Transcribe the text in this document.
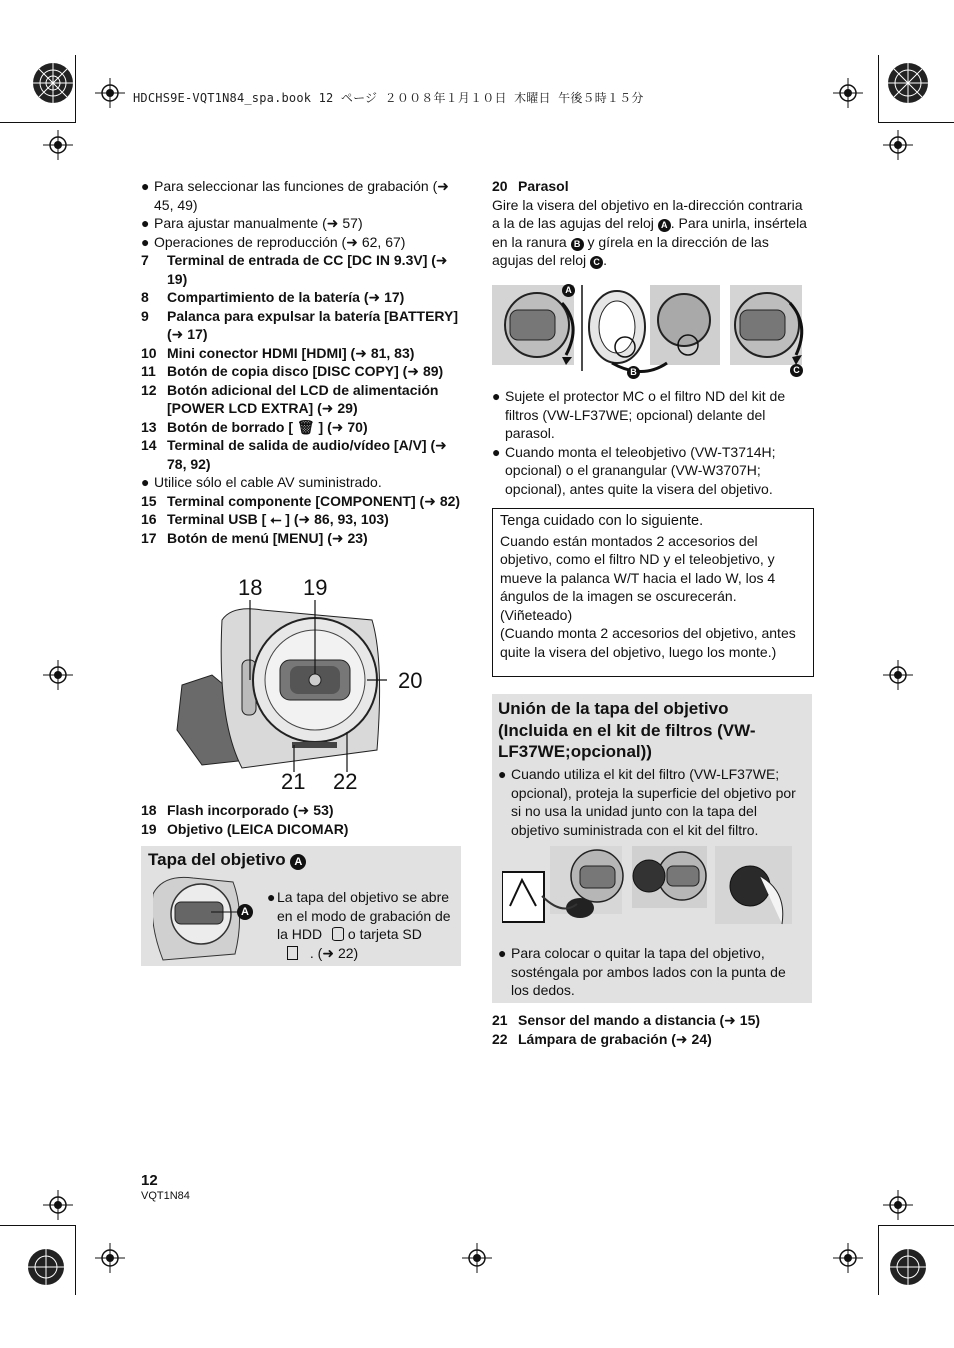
HDCHS9E-VQT1N84_spa.book 12 ページ ２００８年１月１０日 木曜日 午後５時１５分
● Para seleccionar las funciones de grabación (➜ 45, 49)
● Para ajustar manualmente (➜ 57)
● Operaciones de reproducción (➜ 62, 67)
7	Terminal de entrada de CC [DC IN 9.3V] (➜ 19)
8	Compartimiento de la batería (➜ 17)
9	Palanca para expulsar la batería [BATTERY] (➜ 17)
10 Mini conector HDMI [HDMI] (➜ 81, 83)
11 Botón de copia disco [DISC COPY] (➜ 89)
12 Botón adicional del LCD de alimentación [POWER LCD EXTRA] (➜ 29)
13 Botón de borrado [ 🗑 ] (➜ 70)
14 Terminal de salida de audio/vídeo [A/V] (➜ 78, 92)
● Utilice sólo el cable AV suministrado.
15 Terminal componente [COMPONENT] (➜ 82)
16 Terminal USB [ ⭠ ] (➜ 86, 93, 103)
17 Botón de menú [MENU] (➜ 23)
18 19
20
21 22
18 Flash incorporado (➜ 53)
19 Objetivo (LEICA DICOMAR)
Tapa del objetivo A
A
● La tapa del objetivo se abre en el modo de grabación de la HDD o tarjeta SD  . (➜ 22)
20 Parasol
Gire la visera del objetivo en la-dirección contraria a la de las agujas del reloj A . Para unirla, insértela en la ranura B y gírela en la dirección de las agujas del reloj C .
A
B	C
● Sujete el protector MC o el filtro ND del kit de filtros (VW-LF37WE; opcional) delante del parasol.
● Cuando monta el teleobjetivo (VW-T3714H; opcional) o el granangular (VW-W3707H; opcional), antes quite la visera del objetivo.
Tenga cuidado con lo siguiente.
Cuando están montados 2 accesorios del objetivo, como el filtro ND y el teleobjetivo, y mueve la palanca W/T hacia el lado W, los 4 ángulos de la imagen se oscurecerán. (Viñeteado)
(Cuando monta 2 accesorios del objetivo, antes quite la visera del objetivo, luego los monte.)
Unión de la tapa del objetivo (Incluida en el kit de filtros (VW-LF37WE;opcional))
● Cuando utiliza el kit del filtro (VW-LF37WE; opcional), proteja la superficie del objetivo por si no usa la unidad junto con la tapa del objetivo suministrada con el kit del filtro.
● Para colocar o quitar la tapa del objetivo, sosténgala por ambos lados con la punta de los dedos.
21 Sensor del mando a distancia (➜ 15)
22 Lámpara de grabación (➜ 24)
12
VQT1N84
